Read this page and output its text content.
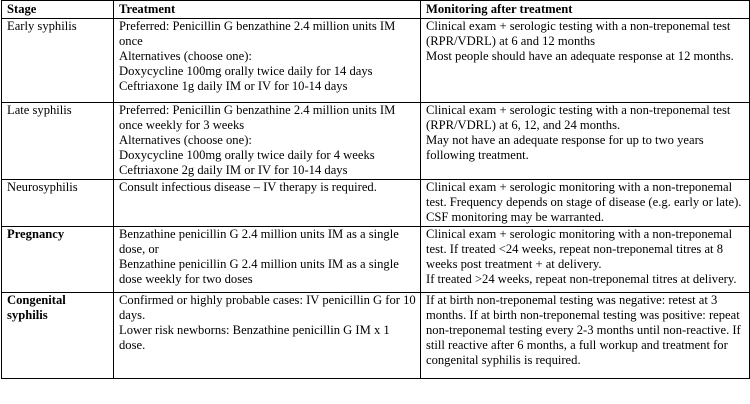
Stage	Treatment	Monitoring after treatment
Early syphilis	Preferred: Penicillin G benzathine 2.4 million units IM once
Alternatives (choose one):
Doxycycline 100mg orally twice daily for 14 days
Ceftriaxone 1g daily IM or IV for 10-14 days	Clinical exam + serologic testing with a non-treponemal test (RPR/VDRL) at 6 and 12 months
Most people should have an adequate response at 12 months.

Late syphilis	Preferred: Penicillin G benzathine 2.4 million units IM once weekly for 3 weeks
Alternatives (choose one):
Doxycycline 100mg orally twice daily for 4 weeks
Ceftriaxone 2g daily IM or IV for 10-14 days	Clinical exam + serologic testing with a non-treponemal test (RPR/VDRL) at 6, 12, and 24 months.
May not have an adequate response for up to two years following treatment.

Neurosyphilis	Consult infectious disease – IV therapy is required.	Clinical exam + serologic monitoring with a non-treponemal test. Frequency depends on stage of disease (e.g. early or late). CSF monitoring may be warranted.

Pregnancy	Benzathine penicillin G 2.4 million units IM as a single dose, or
Benzathine penicillin G 2.4 million units IM as a single dose weekly for two doses	Clinical exam + serologic monitoring with a non-treponemal test. If treated <24 weeks, repeat non-treponemal titres at 8 weeks post treatment + at delivery.
If treated >24 weeks, repeat non-treponemal titres at delivery.

Congenital syphilis	Confirmed or highly probable cases: IV penicillin G for 10 days.
Lower risk newborns: Benzathine penicillin G IM x 1 dose.	If at birth non-treponemal testing was negative: retest at 3 months. If at birth non-treponemal testing was positive: repeat non-treponemal testing every 2-3 months until non-reactive. If still reactive after 6 months, a full workup and treatment for congenital syphilis is required.
